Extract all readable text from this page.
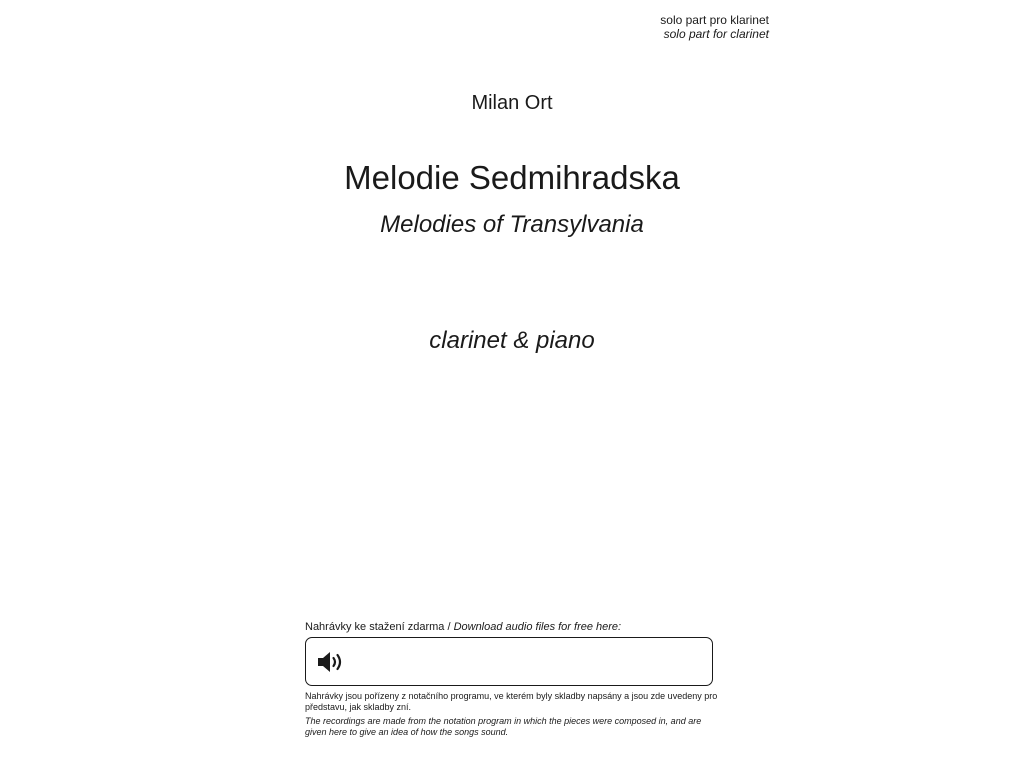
solo part pro klarinet
solo part for clarinet
Milan Ort
Melodie Sedmihradska
Melodies of Transylvania
clarinet & piano
Nahrávky ke stažení zdarma / Download audio files for free here:
Nahrávky jsou pořízeny z notačního programu, ve kterém byly skladby napsány a jsou zde uvedeny pro představu, jak skladby zní.
The recordings are made from the notation program in which the pieces were composed in, and are given here to give an idea of how the songs sound.
